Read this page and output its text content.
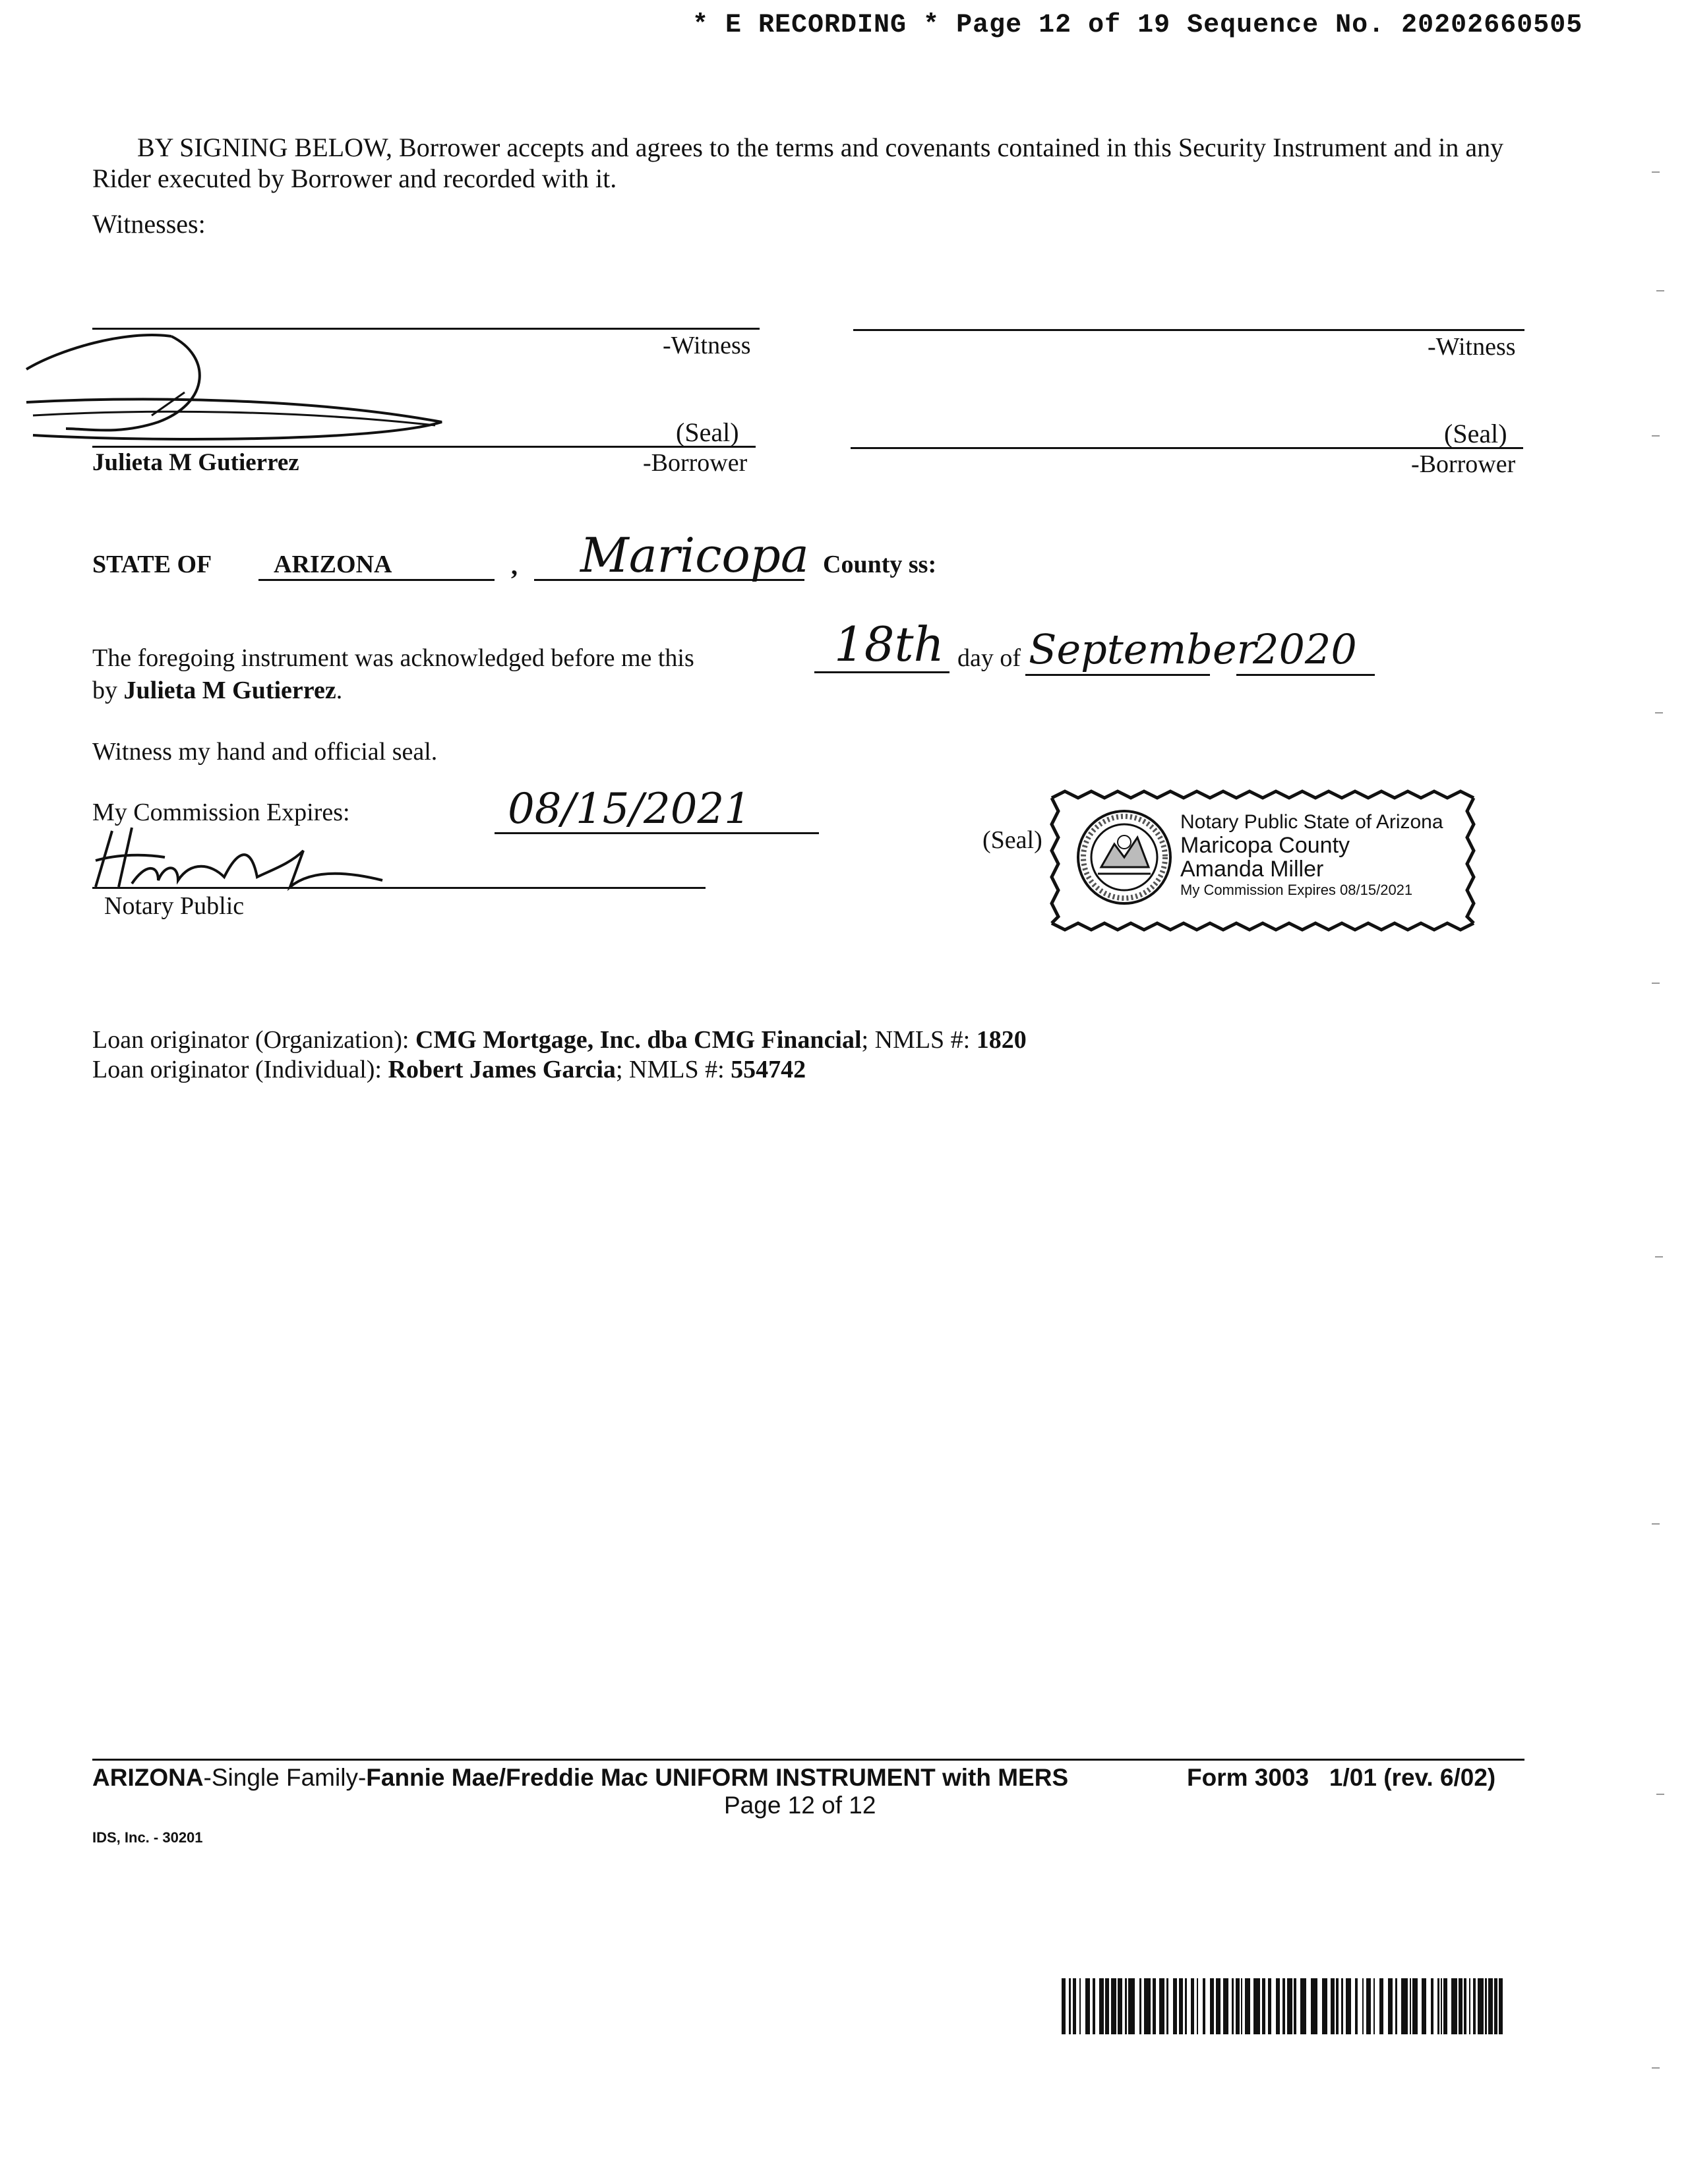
* E RECORDING * Page 12 of 19 Sequence No. 20202660505
BY SIGNING BELOW, Borrower accepts and agrees to the terms and covenants contained in this Security Instrument and in any Rider executed by Borrower and recorded with it.
Witnesses:
-Witness	-Witness
(Seal)
Julieta M Gutierrez	-Borrower
(Seal)
-Borrower
STATE OF ARIZONA	, Maricopa County ss:
The foregoing instrument was acknowledged before me this	18th day of September
2020
by Julieta M Gutierrez.
Witness my hand and official seal.
My Commission Expires:	08/15/2021
Notary Public
(Seal)
Notary Public State of Arizona
Maricopa County
Amanda Miller
My Commission Expires 08/15/2021
Loan originator (Organization): CMG Mortgage, Inc. dba CMG Financial; NMLS #: 1820
Loan originator (Individual): Robert James Garcia; NMLS #: 554742
ARIZONA-Single Family-Fannie Mae/Freddie Mac UNIFORM INSTRUMENT with MERS	Form 3003   1/01 (rev. 6/02)
Page 12 of 12
IDS, Inc. - 30201
